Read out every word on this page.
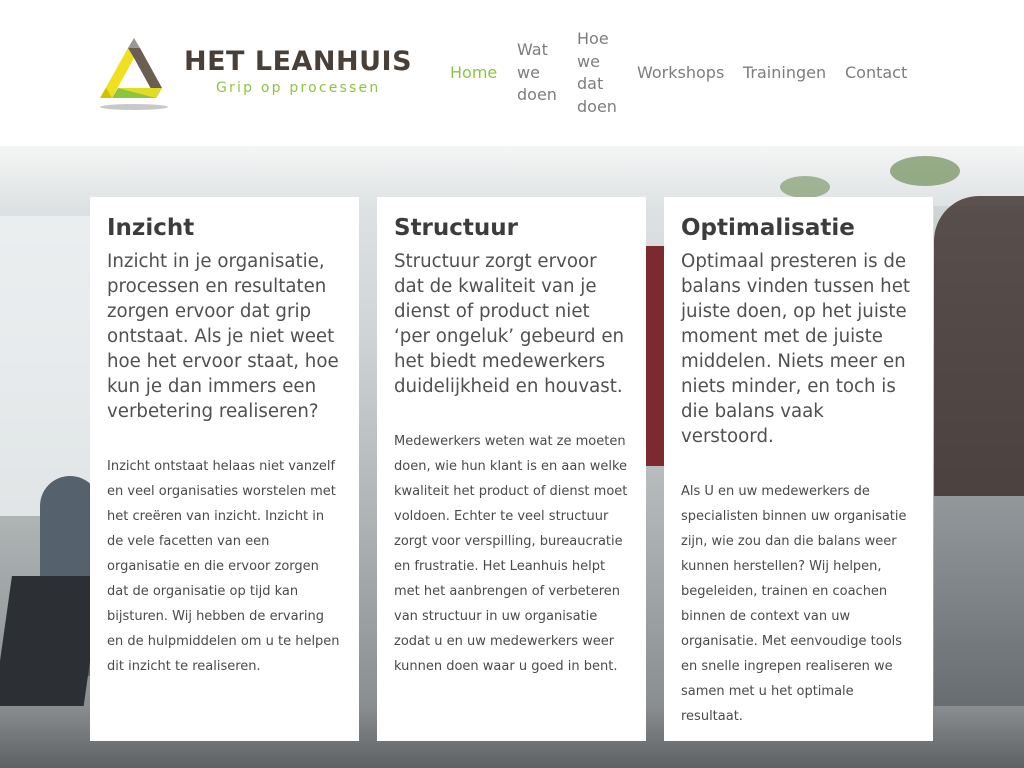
HET LEANHUIS
Grip op processen
Home
Wat we doen
Hoe we dat doen
Workshops Trainingen Contact
Inzicht

Inzicht in je organisatie, processen en resultaten zorgen ervoor dat grip ontstaat. Als je niet weet hoe het ervoor staat, hoe kun je dan immers een verbetering realiseren?

Inzicht ontstaat helaas niet vanzelf en veel organisaties worstelen met het creëren van inzicht. Inzicht in de vele facetten van een organisatie en die ervoor zorgen dat de organisatie op tijd kan bijsturen. Wij hebben de ervaring en de hulpmiddelen om u te helpen dit inzicht te realiseren.

Structuur

Structuur zorgt ervoor dat de kwaliteit van je dienst of product niet ‘per ongeluk’ gebeurd en het biedt medewerkers duidelijkheid en houvast.

Medewerkers weten wat ze moeten doen, wie hun klant is en aan welke kwaliteit het product of dienst moet voldoen. Echter te veel structuur zorgt voor verspilling, bureaucratie en frustratie. Het Leanhuis helpt met het aanbrengen of verbeteren van structuur in uw organisatie zodat u en uw medewerkers weer kunnen doen waar u goed in bent.

Optimalisatie

Optimaal presteren is de balans vinden tussen het juiste doen, op het juiste moment met de juiste middelen. Niets meer en niets minder, en toch is die balans vaak verstoord.

Als U en uw medewerkers de specialisten binnen uw organisatie zijn, wie zou dan die balans weer kunnen herstellen? Wij helpen, begeleiden, trainen en coachen binnen de context van uw organisatie. Met eenvoudige tools en snelle ingrepen realiseren we samen met u het optimale resultaat.
